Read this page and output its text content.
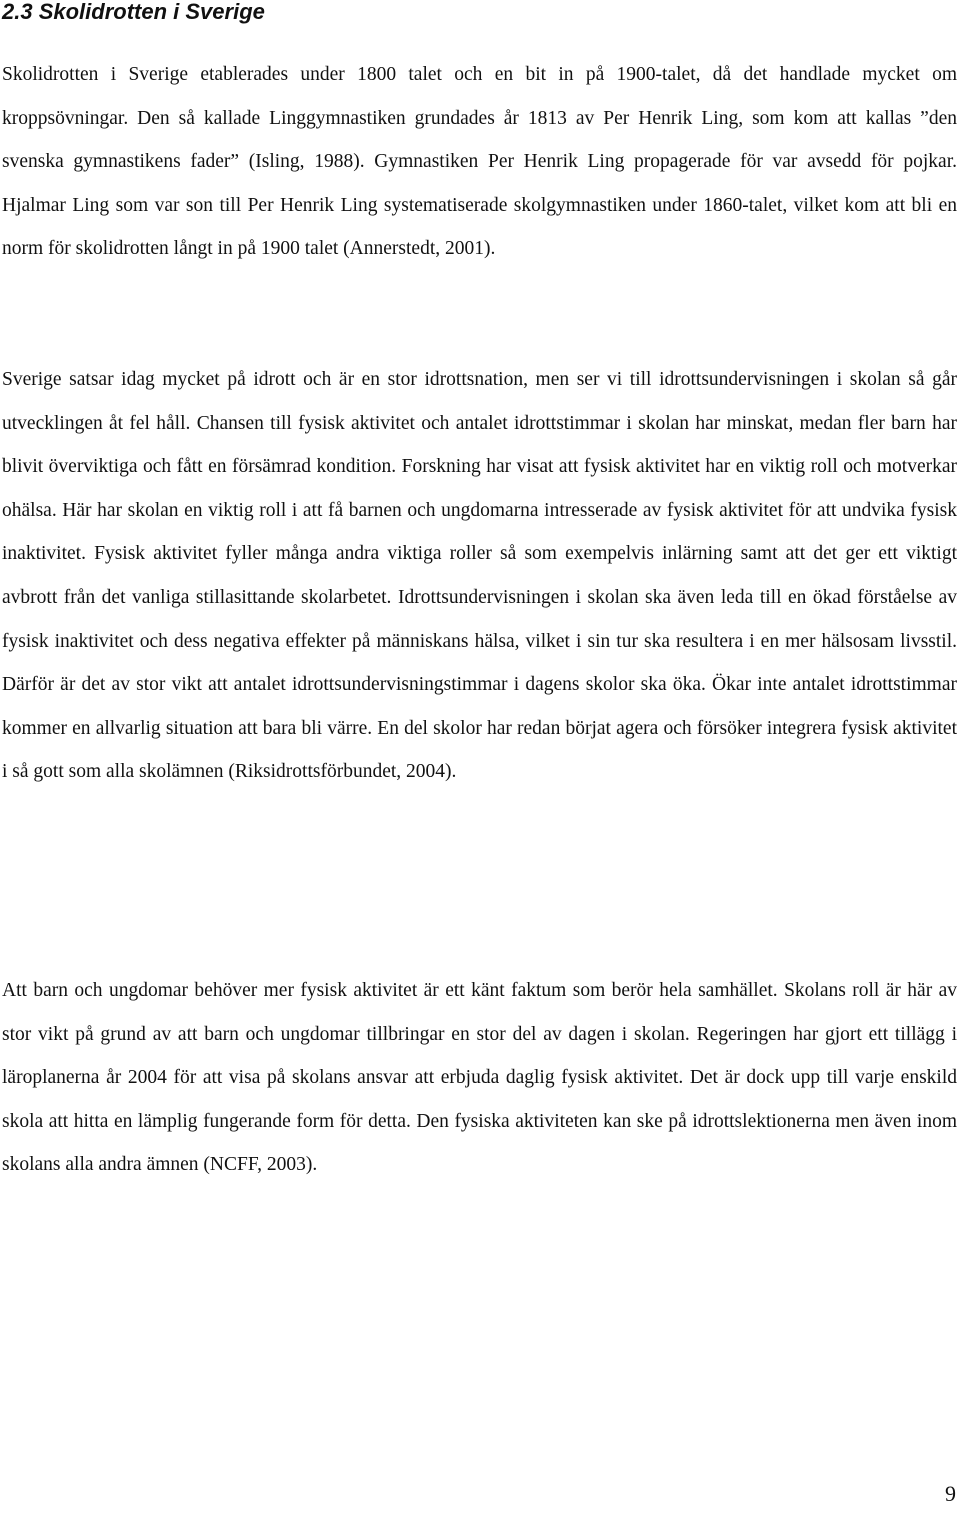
2.3 Skolidrotten i Sverige

Skolidrotten i Sverige etablerades under 1800 talet och en bit in på 1900-talet, då det handlade mycket om kroppsövningar. Den så kallade Linggymnastiken grundades år 1813 av Per Henrik Ling, som kom att kallas ”den svenska gymnastikens fader” (Isling, 1988). Gymnastiken Per Henrik Ling propagerade för var avsedd för pojkar. Hjalmar Ling som var son till Per Henrik Ling systematiserade skolgymnastiken under 1860-talet, vilket kom att bli en norm för skolidrotten långt in på 1900 talet (Annerstedt, 2001).

Sverige satsar idag mycket på idrott och är en stor idrottsnation, men ser vi till idrottsundervisningen i skolan så går utvecklingen åt fel håll. Chansen till fysisk aktivitet och antalet idrottstimmar i skolan har minskat, medan fler barn har blivit överviktiga och fått en försämrad kondition. Forskning har visat att fysisk aktivitet har en viktig roll och motverkar ohälsa. Här har skolan en viktig roll i att få barnen och ungdomarna intresserade av fysisk aktivitet för att undvika fysisk inaktivitet. Fysisk aktivitet fyller många andra viktiga roller så som exempelvis inlärning samt att det ger ett viktigt avbrott från det vanliga stillasittande skolarbetet. Idrottsundervisningen i skolan ska även leda till en ökad förståelse av fysisk inaktivitet och dess negativa effekter på människans hälsa, vilket i sin tur ska resultera i en mer hälsosam livsstil. Därför är det av stor vikt att antalet idrottsundervisningstimmar i dagens skolor ska öka. Ökar inte antalet idrottstimmar kommer en allvarlig situation att bara bli värre. En del skolor har redan börjat agera och försöker integrera fysisk aktivitet i så gott som alla skolämnen (Riksidrottsförbundet, 2004).

Att barn och ungdomar behöver mer fysisk aktivitet är ett känt faktum som berör hela samhället. Skolans roll är här av stor vikt på grund av att barn och ungdomar tillbringar en stor del av dagen i skolan. Regeringen har gjort ett tillägg i läroplanerna år 2004 för att visa på skolans ansvar att erbjuda daglig fysisk aktivitet. Det är dock upp till varje enskild skola att hitta en lämplig fungerande form för detta. Den fysiska aktiviteten kan ske på idrottslektionerna men även inom skolans alla andra ämnen (NCFF, 2003).

9
